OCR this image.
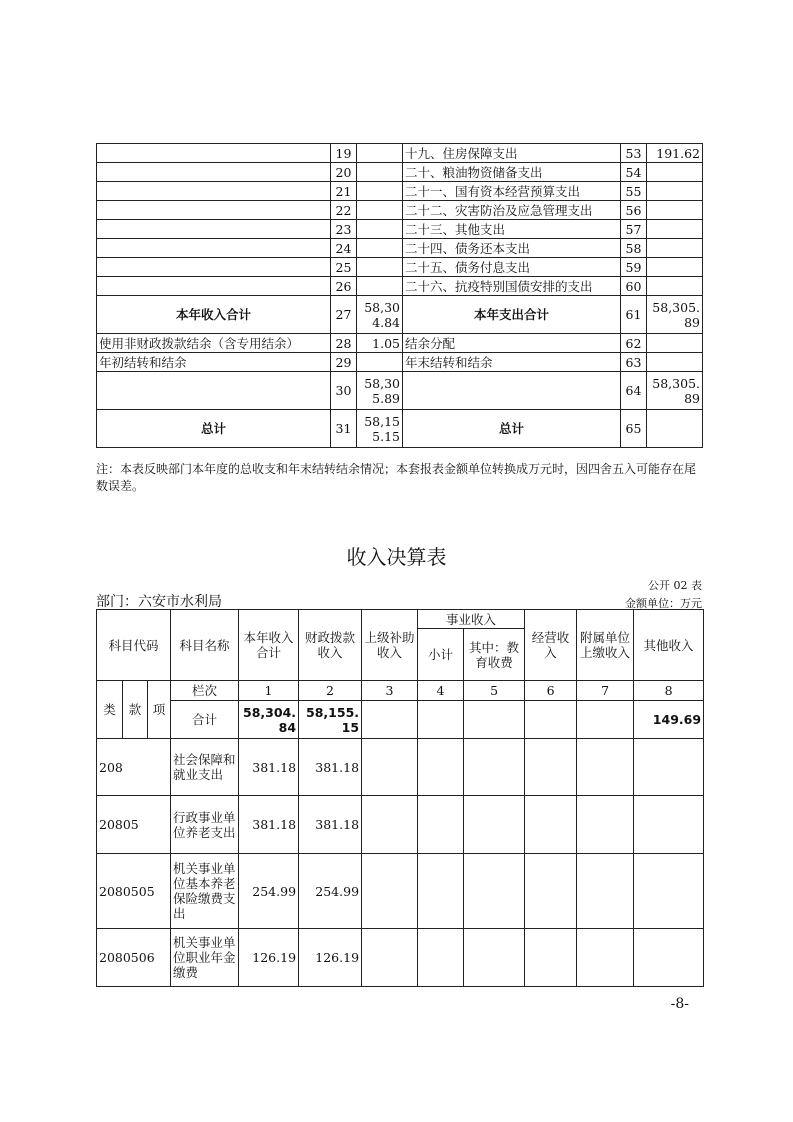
	19		十九、住房保障支出	53	191.62
	20		二十、粮油物资储备支出	54	
	21		二十一、国有资本经营预算支出	55	
	22		二十二、灾害防治及应急管理支出	56	
	23		二十三、其他支出	57	
	24		二十四、债务还本支出	58	
	25		二十五、债务付息支出	59	
	26		二十六、抗疫特别国债安排的支出	60	
本年收入合计	27	58,304.84	本年支出合计	61	58,305.89
使用非财政拨款结余（含专用结余）	28	1.05	结余分配	62	
年初结转和结余	29		年末结转和结余	63	
	30	58,305.89		64	58,305.89
总计	31	58,155.15	总计	65	
注：本表反映部门本年度的总收支和年末结转结余情况；本套报表金额单位转换成万元时，因四舍五入可能存在尾数误差。
收入决算表
公开 02 表
部门：六安市水利局	金额单位：万元
科目代码			科目名称	本年收入合计	财政拨款收入	上级补助收入	事业收入		经营收入	附属单位上缴收入	其他收入
							小计	其中：教育收费			
类	款	项	栏次	1	2	3	4	5	6	7	8
			合计	58,304.84	58,155.15						149.69
208			社会保障和就业支出	381.18	381.18						
20805			行政事业单位养老支出	381.18	381.18						
2080505			机关事业单位基本养老保险缴费支出	254.99	254.99						
2080506			机关事业单位职业年金缴费	126.19	126.19						
-8-
